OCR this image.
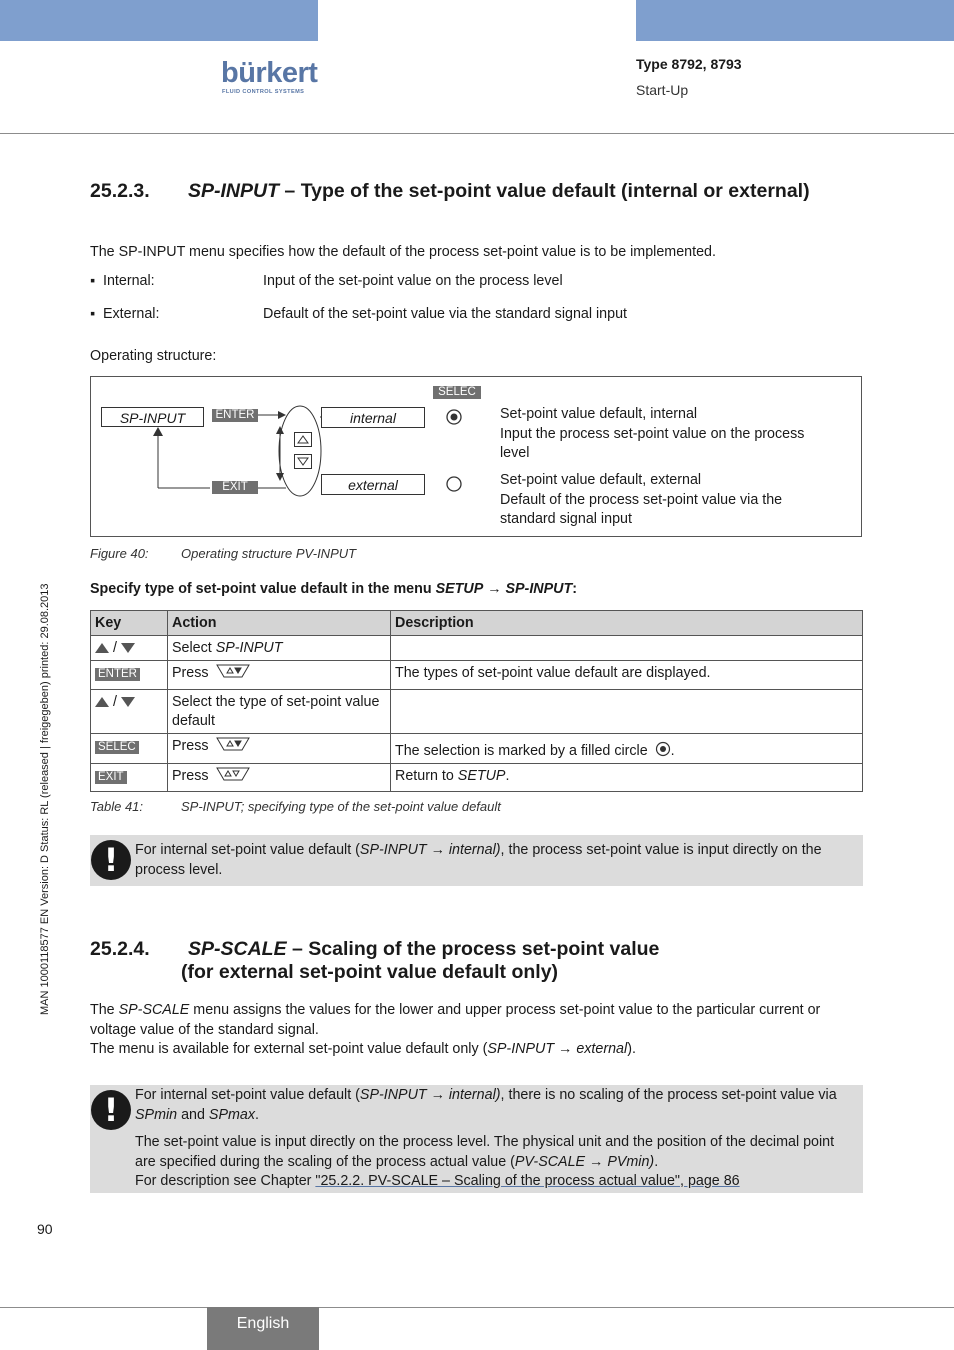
bürkert
FLUID CONTROL SYSTEMS
Type 8792, 8793
Start-Up
MAN 1000118577 EN Version: D Status: RL (released | freigegeben) printed: 29.08.2013
25.2.3.	SP-INPUT – Type of the set-point value default (internal or external)

The SP-INPUT menu specifies how the default of the process set-point value is to be implemented.

▪ Internal:	Input of the set-point value on the process level
▪ External:	Default of the set-point value via the standard signal input

Operating structure:

SP-INPUT	ENTER
EXIT
SELEC
internal
external
Set-point value default, internal
Input the process set-point value on the process
level
Set-point value default, external
Default of the process set-point value via the
standard signal input
Figure 40: Operating structure PV-INPUT

Specify type of set-point value default in the menu SETUP → SP-INPUT:

Key	Action	Description
/	Select SP-INPUT	
ENTER	Press	The types of set-point value default are displayed.
/	Select the type of set-point value default	
SELEC	Press	The selection is marked by a filled circle .
EXIT	Press	Return to SETUP.
Table 41:	SP-INPUT; specifying type of the set-point value default
!	For internal set-point value default (SP-INPUT → internal), the process set-point value is input directly on the process level.

25.2.4.	SP-SCALE – Scaling of the process set-point value
(for external set-point value default only)

The SP-SCALE menu assigns the values for the lower and upper process set-point value to the particular current or voltage value of the standard signal.
The menu is available for external set-point value default only (SP-INPUT → external).

!	For internal set-point value default (SP-INPUT → internal), there is no scaling of the process set-point value via SPmin and SPmax.

The set-point value is input directly on the process level. The physical unit and the position of the decimal point are specified during the scaling of the process actual value (PV-SCALE → PVmin).
For description see Chapter "25.2.2. PV-SCALE – Scaling of the process actual value", page 86

90
English
